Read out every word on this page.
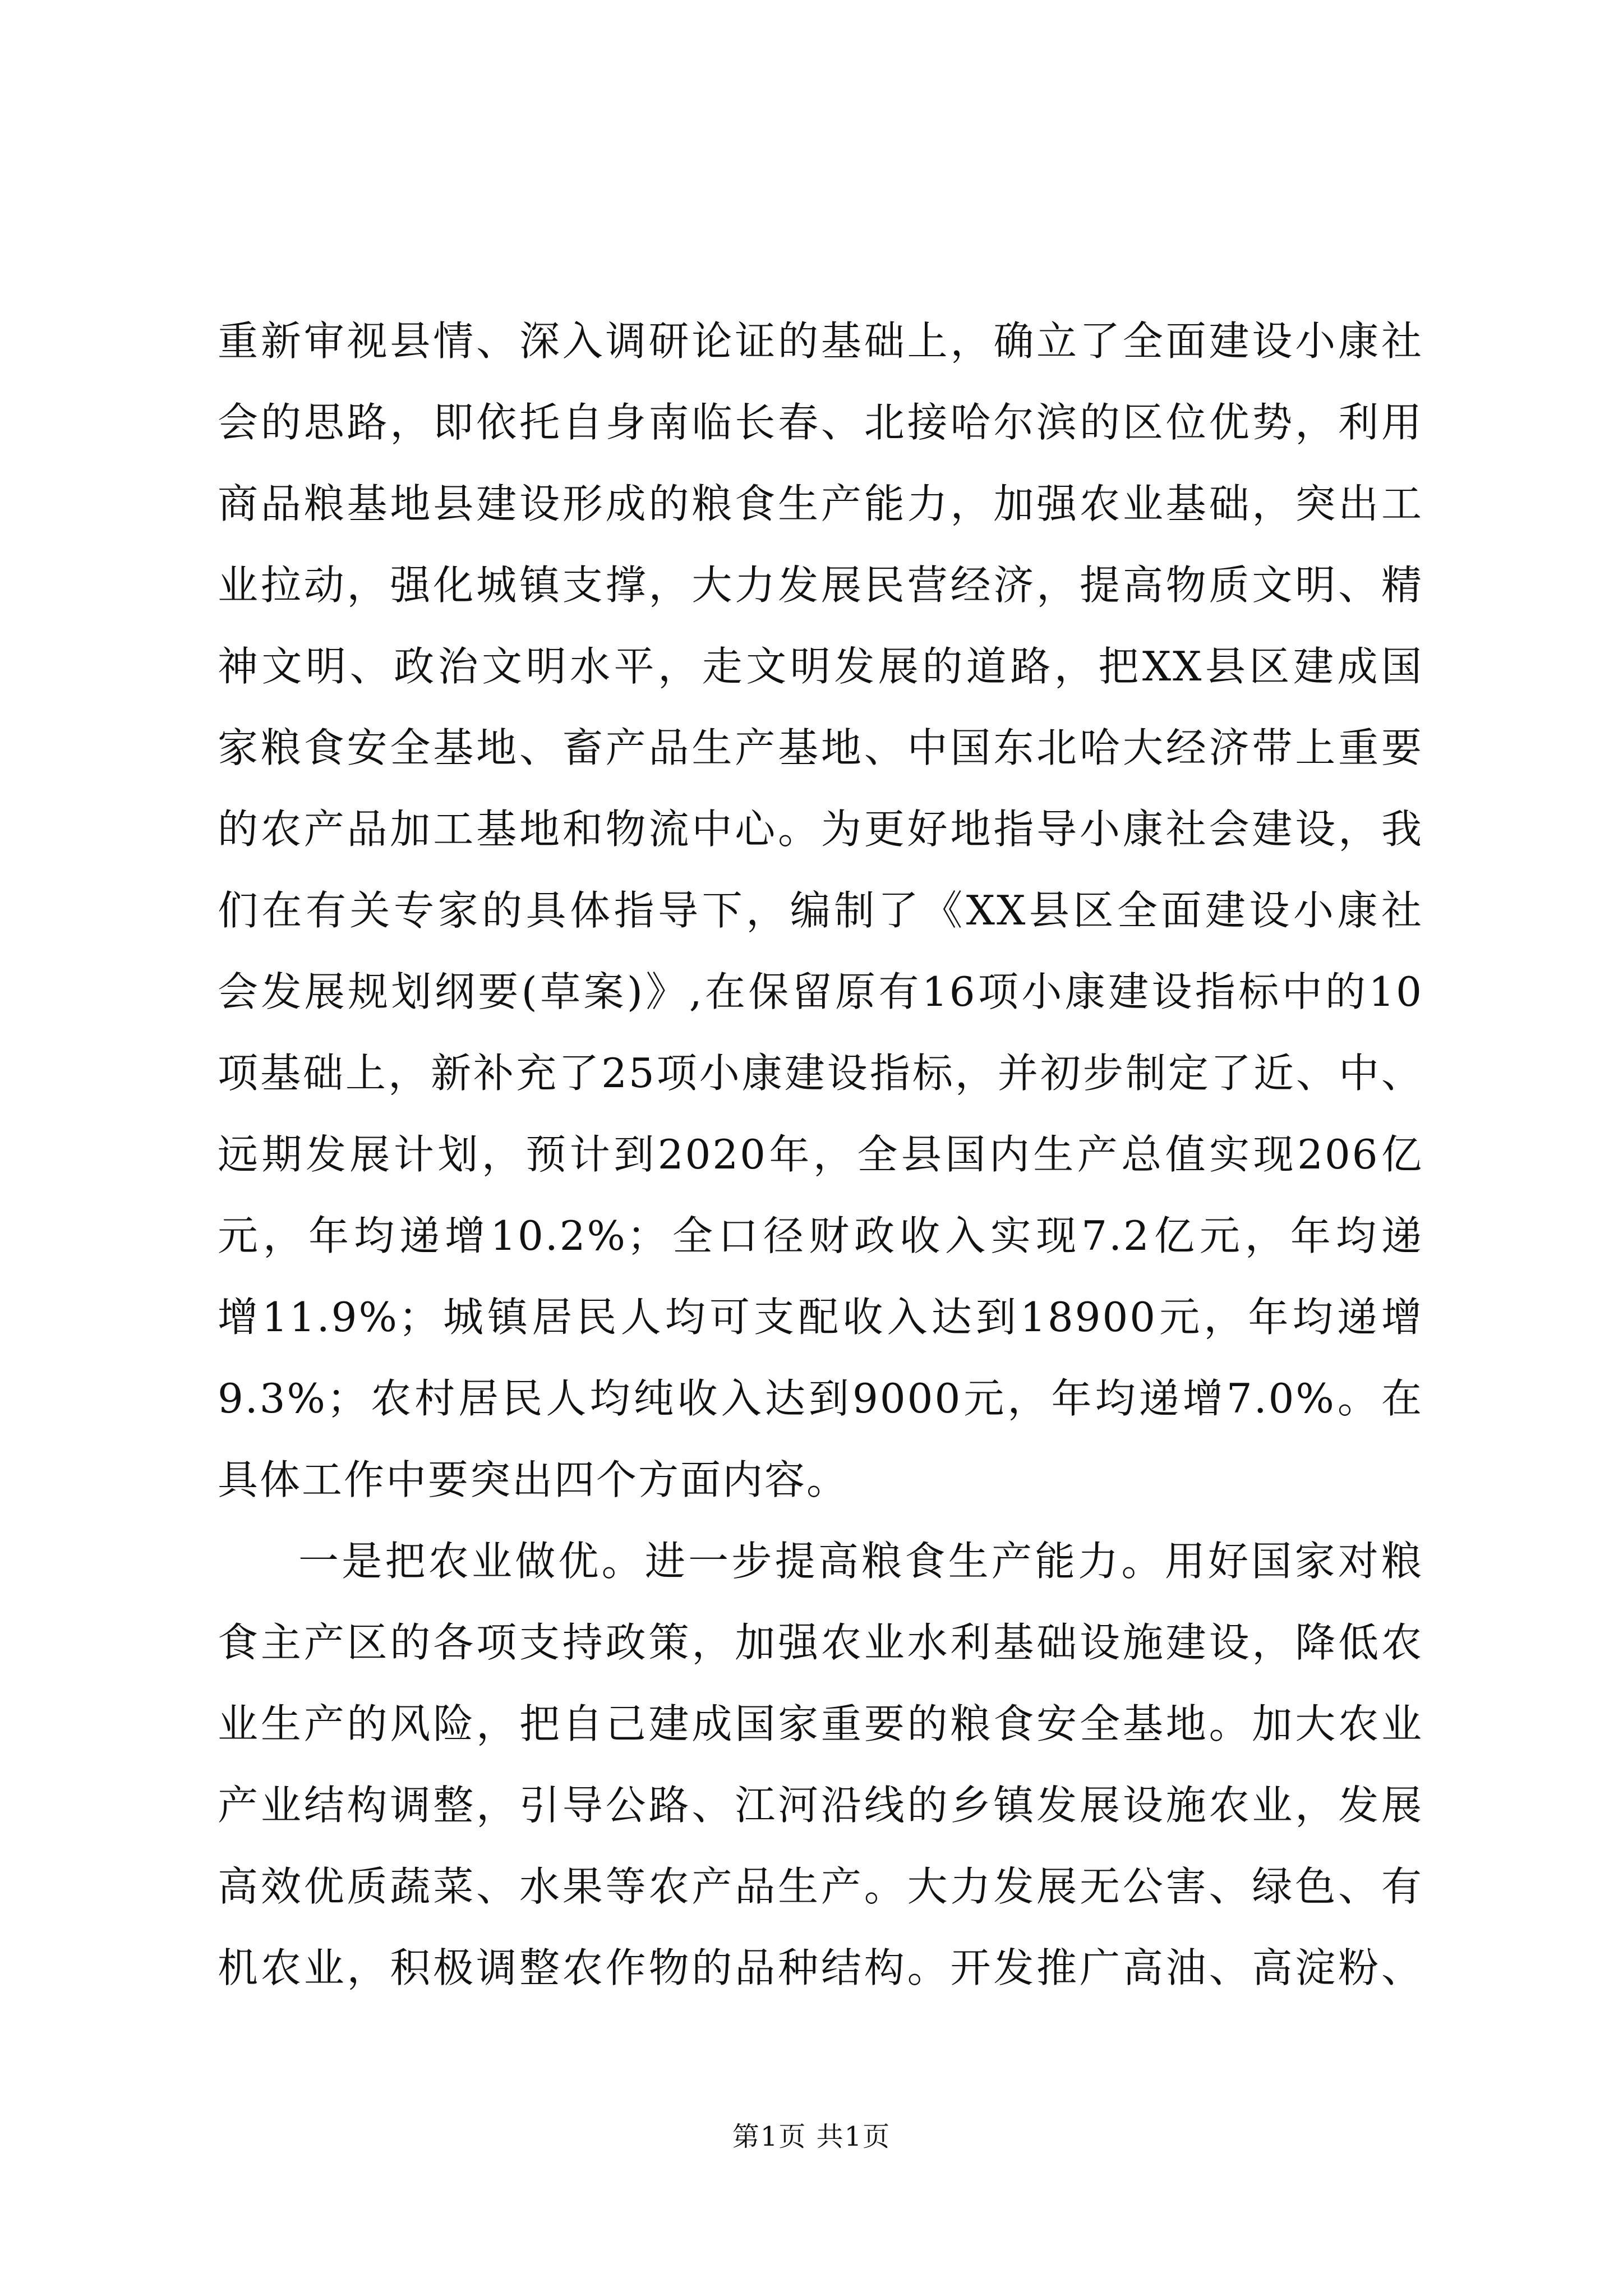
重新审视县情、深入调研论证的基础上，确立了全面建设小康社
会的思路，即依托自身南临长春、北接哈尔滨的区位优势，利用
商品粮基地县建设形成的粮食生产能力，加强农业基础，突出工
业拉动，强化城镇支撑，大力发展民营经济，提高物质文明、精
神文明、政治文明水平，走文明发展的道路，把XX县区建成国
家粮食安全基地、畜产品生产基地、中国东北哈大经济带上重要
的农产品加工基地和物流中心。为更好地指导小康社会建设，我
们在有关专家的具体指导下，编制了《XX县区全面建设小康社
会发展规划纲要(草案)》,在保留原有16项小康建设指标中的10
项基础上，新补充了25项小康建设指标，并初步制定了近、中、
远期发展计划，预计到2020年，全县国内生产总值实现206亿
元，年均递增10.2%；全口径财政收入实现7.2亿元，年均递
增11.9%；城镇居民人均可支配收入达到18900元，年均递增
9.3%；农村居民人均纯收入达到9000元，年均递增7.0%。在
具体工作中要突出四个方面内容。
一是把农业做优。进一步提高粮食生产能力。用好国家对粮
食主产区的各项支持政策，加强农业水利基础设施建设，降低农
业生产的风险，把自己建成国家重要的粮食安全基地。加大农业
产业结构调整，引导公路、江河沿线的乡镇发展设施农业，发展
高效优质蔬菜、水果等农产品生产。大力发展无公害、绿色、有
机农业，积极调整农作物的品种结构。开发推广高油、高淀粉、
第1页 共1页
